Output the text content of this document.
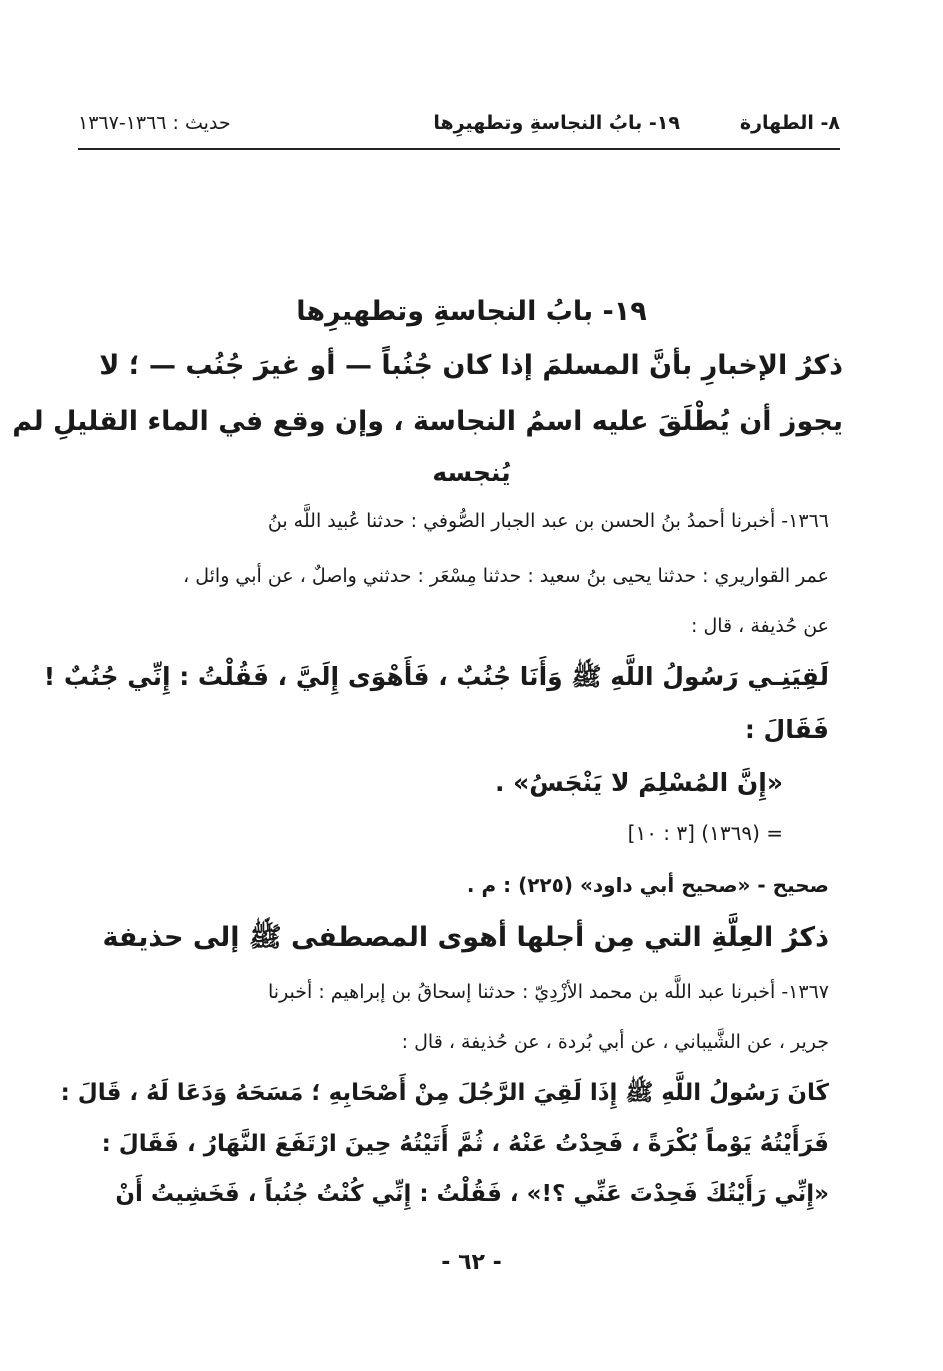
٨- الطهارة
١٩- بابُ النجاسةِ وتطهيرِها
حديث : ١٣٦٦-١٣٦٧
١٩- بابُ النجاسةِ وتطهيرِها
ذكرُ الإخبارِ بأنَّ المسلمَ إذا كان جُنُباً — أو غيرَ جُنُب — ؛ لا
يجوز أن يُطْلَقَ عليه اسمُ النجاسة ، وإن وقع في الماء القليلِ لم
يُنجسه
١٣٦٦- أخبرنا أحمدُ بنُ الحسن بن عبد الجبار الصُّوفي : حدثنا عُبيد اللَّه بنُ
عمر القواريري : حدثنا يحيى بنُ سعيد : حدثنا مِسْعَر : حدثني واصلٌ ، عن أبي وائل ،
عن حُذيفة ، قال :
لَقِيَنِـي رَسُولُ اللَّهِ ﷺ وَأَنَا جُنُبٌ ، فَأَهْوَى إِلَيَّ ، فَقُلْتُ : إِنِّي جُنُبٌ !
فَقَالَ :
«إِنَّ المُسْلِمَ لا يَنْجَسُ» .
= (١٣٦٩) [٣ : ١٠]
صحيح - «صحيح أبي داود» (٢٢٥) : م .
ذكرُ العِلَّةِ التي مِن أجلها أهوى المصطفى ﷺ إلى حذيفة
١٣٦٧- أخبرنا عبد اللَّه بن محمد الأزْدِيّ : حدثنا إسحاقُ بن إبراهيم : أخبرنا
جرير ، عن الشَّيباني ، عن أبي بُردة ، عن حُذيفة ، قال :
كَانَ رَسُولُ اللَّهِ ﷺ إِذَا لَقِيَ الرَّجُلَ مِنْ أَصْحَابِهِ ؛ مَسَحَهُ وَدَعَا لَهُ ، قَالَ :
فَرَأَيْتُهُ يَوْماً بُكْرَةً ، فَحِدْتُ عَنْهُ ، ثُمَّ أَتَيْتُهُ حِينَ ارْتَفَعَ النَّهَارُ ، فَقَالَ :
«إِنِّي رَأَيْتُكَ فَحِدْتَ عَنِّي ؟!» ، فَقُلْتُ : إِنِّي كُنْتُ جُنُباً ، فَخَشِيتُ أَنْ
- ٦٢ -
